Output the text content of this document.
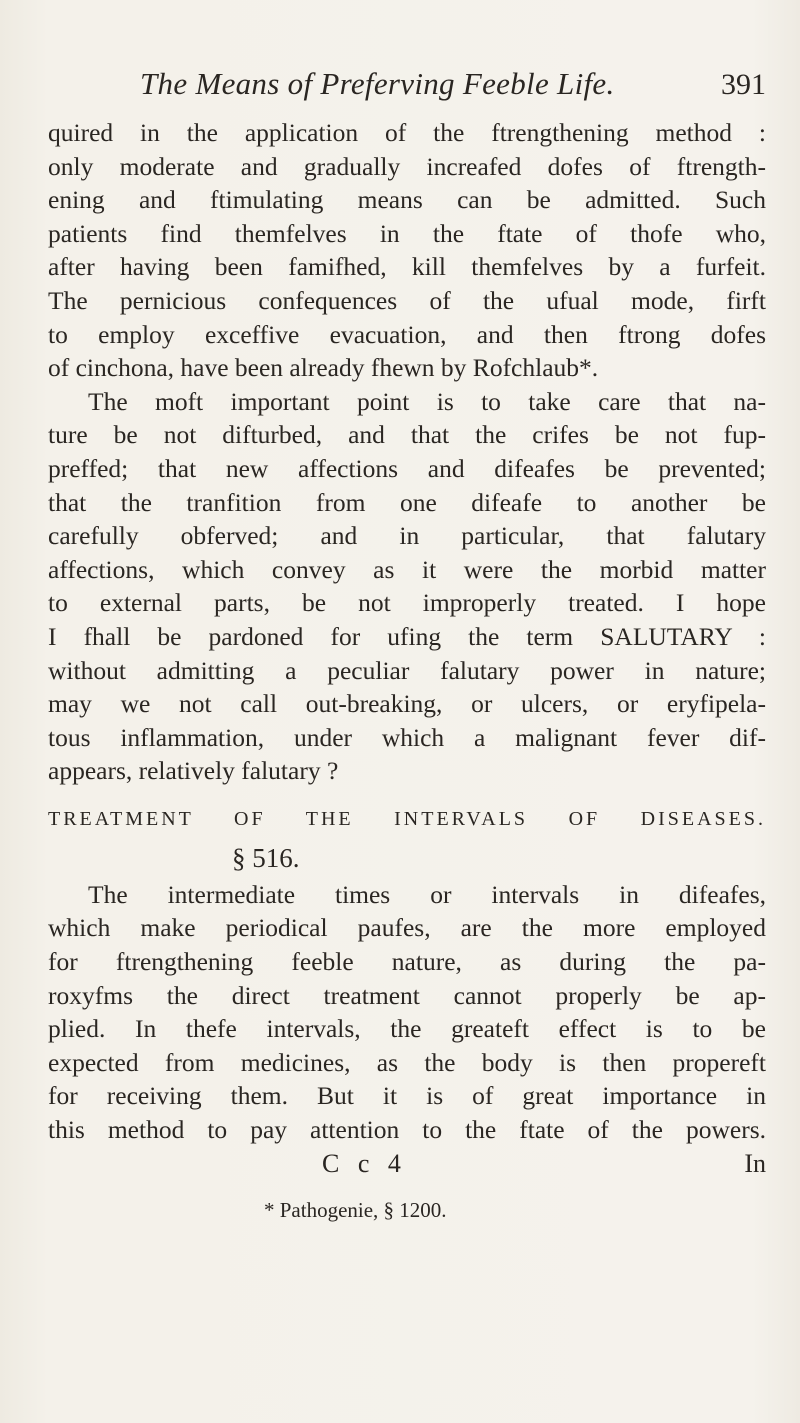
The Means of Preferving Feeble Life.	391
quired in the application of the ftrengthening method :
only moderate and gradually increafed dofes of ftrength-
ening and ftimulating means can be admitted. Such
patients find themfelves in the ftate of thofe who,
after having been famifhed, kill themfelves by a furfeit.
The pernicious confequences of the ufual mode, firft
to employ exceffive evacuation, and then ftrong dofes
of cinchona, have been already fhewn by Rofchlaub*.
The moft important point is to take care that na-
ture be not difturbed, and that the crifes be not fup-
preffed; that new affections and difeafes be prevented;
that the tranfition from one difeafe to another be
carefully obferved; and in particular, that falutary
affections, which convey as it were the morbid matter
to external parts, be not improperly treated. I hope
I fhall be pardoned for ufing the term SALUTARY :
without admitting a peculiar falutary power in nature;
may we not call out-breaking, or ulcers, or eryfipela-
tous inflammation, under which a malignant fever dif-
appears, relatively falutary ?
TREATMENT OF THE INTERVALS OF DISEASES.
§ 516.
The intermediate times or intervals in difeafes,
which make periodical paufes, are the more employed
for ftrengthening feeble nature, as during the pa-
roxyfms the direct treatment cannot properly be ap-
plied. In thefe intervals, the greateft effect is to be
expected from medicines, as the body is then propereft
for receiving them. But it is of great importance in
this method to pay attention to the ftate of the powers.
C c 4	In
* Pathogenie, § 1200.
